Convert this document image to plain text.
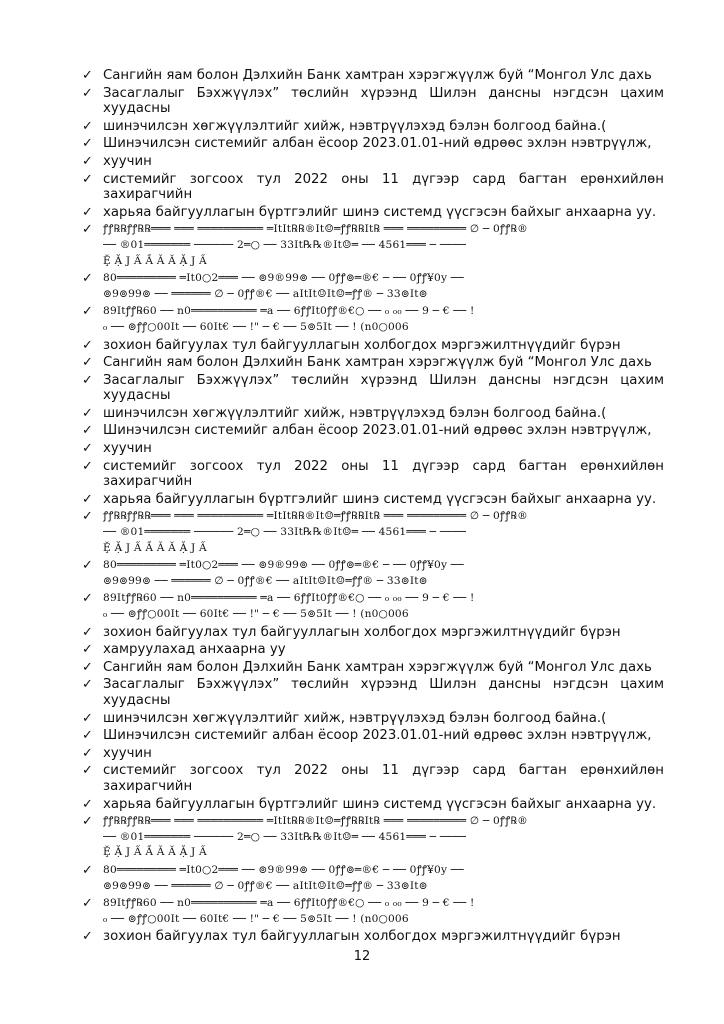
✓ Сангийн яам болон Дэлхийн Банк хамтран хэрэгжүүлж буй “Монгол Улс дахь
✓ Засаглалыг Бэхжүүлэх” төслийн хүрээнд Шилэн дансны нэгдсэн цахим хуудасны
✓ шинэчилсэн хөгжүүлэлтийг хийж, нэвтрүүлэхэд бэлэн болгоод байна.(
✓ Шинэчилсэн системийг албан ёсоор 2023.01.01-ний өдрөөс эхлэн нэвтрүүлж,
✓ хуучин
✓ системийг зогсоох тул 2022 оны 11 дүгээр сард багтан ерөнхийлөн захирагчийн
✓ харьяа байгууллагын бүртгэлийг шинэ системд үүсгэсэн байхыг анхаарна уу.
✓ ꝭꝭ℞℞ꝭꝭ℞℞═══ ═══ ══════════ ═ItIt℞℞®It☺═ꝭꝭ℞℞It℞ ═══ ═════════ ∅ ─ 0ꝭꝭ℞®
── ®01═══════ ────── 2═○ ── 33It℞℞®It☺═ ── 4561═══ ─ ────
Ḝ Ặ J Ấ Ầ Ẵ Ă Ặ J Ấ
✓ 80═════════ ═It0○2═══ ── ⊚9®99⊚ ── 0ꝭꝭ⊚═®€ ─ ── 0ꝭꝭ¥0y ──
⊚9⊚99⊚ ── ══════ ∅ ─ 0ꝭꝭ®€ ── aItIt☺It☺═ꝭꝭ® ─ 33⊚It⊚
✓ 89Itꝭꝭ℞60 ── n0══════════ ═a ── 6ꝭꝭIt0ꝭꝭ®€○ ── ₀ ₀₀ ── 9 ─ € ── !
₀ ── ⊚ꝭꝭ○00It ── 60It€ ── !" ─ € ── 5⊚5It ── ! (n0○006
✓ зохион байгуулах тул байгууллагын холбогдох мэргэжилтнүүдийг бүрэн
✓ Сангийн яам болон Дэлхийн Банк хамтран хэрэгжүүлж буй “Монгол Улс дахь
✓ Засаглалыг Бэхжүүлэх” төслийн хүрээнд Шилэн дансны нэгдсэн цахим хуудасны
✓ шинэчилсэн хөгжүүлэлтийг хийж, нэвтрүүлэхэд бэлэн болгоод байна.(
✓ Шинэчилсэн системийг албан ёсоор 2023.01.01-ний өдрөөс эхлэн нэвтрүүлж,
✓ хуучин
✓ системийг зогсоох тул 2022 оны 11 дүгээр сард багтан ерөнхийлөн захирагчийн
✓ харьяа байгууллагын бүртгэлийг шинэ системд үүсгэсэн байхыг анхаарна уу.
✓ ꝭꝭ℞℞ꝭꝭ℞℞═══ ═══ ══════════ ═ItIt℞℞®It☺═ꝭꝭ℞℞It℞ ═══ ═════════ ∅ ─ 0ꝭꝭ℞®
── ®01═══════ ────── 2═○ ── 33It℞℞®It☺═ ── 4561═══ ─ ────
Ḝ Ặ J Ấ Ầ Ẵ Ă Ặ J Ấ
✓ 80═════════ ═It0○2═══ ── ⊚9®99⊚ ── 0ꝭꝭ⊚═®€ ─ ── 0ꝭꝭ¥0y ──
⊚9⊚99⊚ ── ══════ ∅ ─ 0ꝭꝭ®€ ── aItIt☺It☺═ꝭꝭ® ─ 33⊚It⊚
✓ 89Itꝭꝭ℞60 ── n0══════════ ═a ── 6ꝭꝭIt0ꝭꝭ®€○ ── ₀ ₀₀ ── 9 ─ € ── !
₀ ── ⊚ꝭꝭ○00It ── 60It€ ── !" ─ € ── 5⊚5It ── ! (n0○006
✓ зохион байгуулах тул байгууллагын холбогдох мэргэжилтнүүдийг бүрэн
✓ хамруулахад анхаарна уу
✓ Сангийн яам болон Дэлхийн Банк хамтран хэрэгжүүлж буй “Монгол Улс дахь
✓ Засаглалыг Бэхжүүлэх” төслийн хүрээнд Шилэн дансны нэгдсэн цахим хуудасны
✓ шинэчилсэн хөгжүүлэлтийг хийж, нэвтрүүлэхэд бэлэн болгоод байна.(
✓ Шинэчилсэн системийг албан ёсоор 2023.01.01-ний өдрөөс эхлэн нэвтрүүлж,
✓ хуучин
✓ системийг зогсоох тул 2022 оны 11 дүгээр сард багтан ерөнхийлөн захирагчийн
✓ харьяа байгууллагын бүртгэлийг шинэ системд үүсгэсэн байхыг анхаарна уу.
✓ ꝭꝭ℞℞ꝭꝭ℞℞═══ ═══ ══════════ ═ItIt℞℞®It☺═ꝭꝭ℞℞It℞ ═══ ═════════ ∅ ─ 0ꝭꝭ℞®
── ®01═══════ ────── 2═○ ── 33It℞℞®It☺═ ── 4561═══ ─ ────
Ḝ Ặ J Ấ Ầ Ẵ Ă Ặ J Ấ
✓ 80═════════ ═It0○2═══ ── ⊚9®99⊚ ── 0ꝭꝭ⊚═®€ ─ ── 0ꝭꝭ¥0y ──
⊚9⊚99⊚ ── ══════ ∅ ─ 0ꝭꝭ®€ ── aItIt☺It☺═ꝭꝭ® ─ 33⊚It⊚
✓ 89Itꝭꝭ℞60 ── n0══════════ ═a ── 6ꝭꝭIt0ꝭꝭ®€○ ── ₀ ₀₀ ── 9 ─ € ── !
₀ ── ⊚ꝭꝭ○00It ── 60It€ ── !" ─ € ── 5⊚5It ── ! (n0○006
✓ зохион байгуулах тул байгууллагын холбогдох мэргэжилтнүүдийг бүрэн
12
